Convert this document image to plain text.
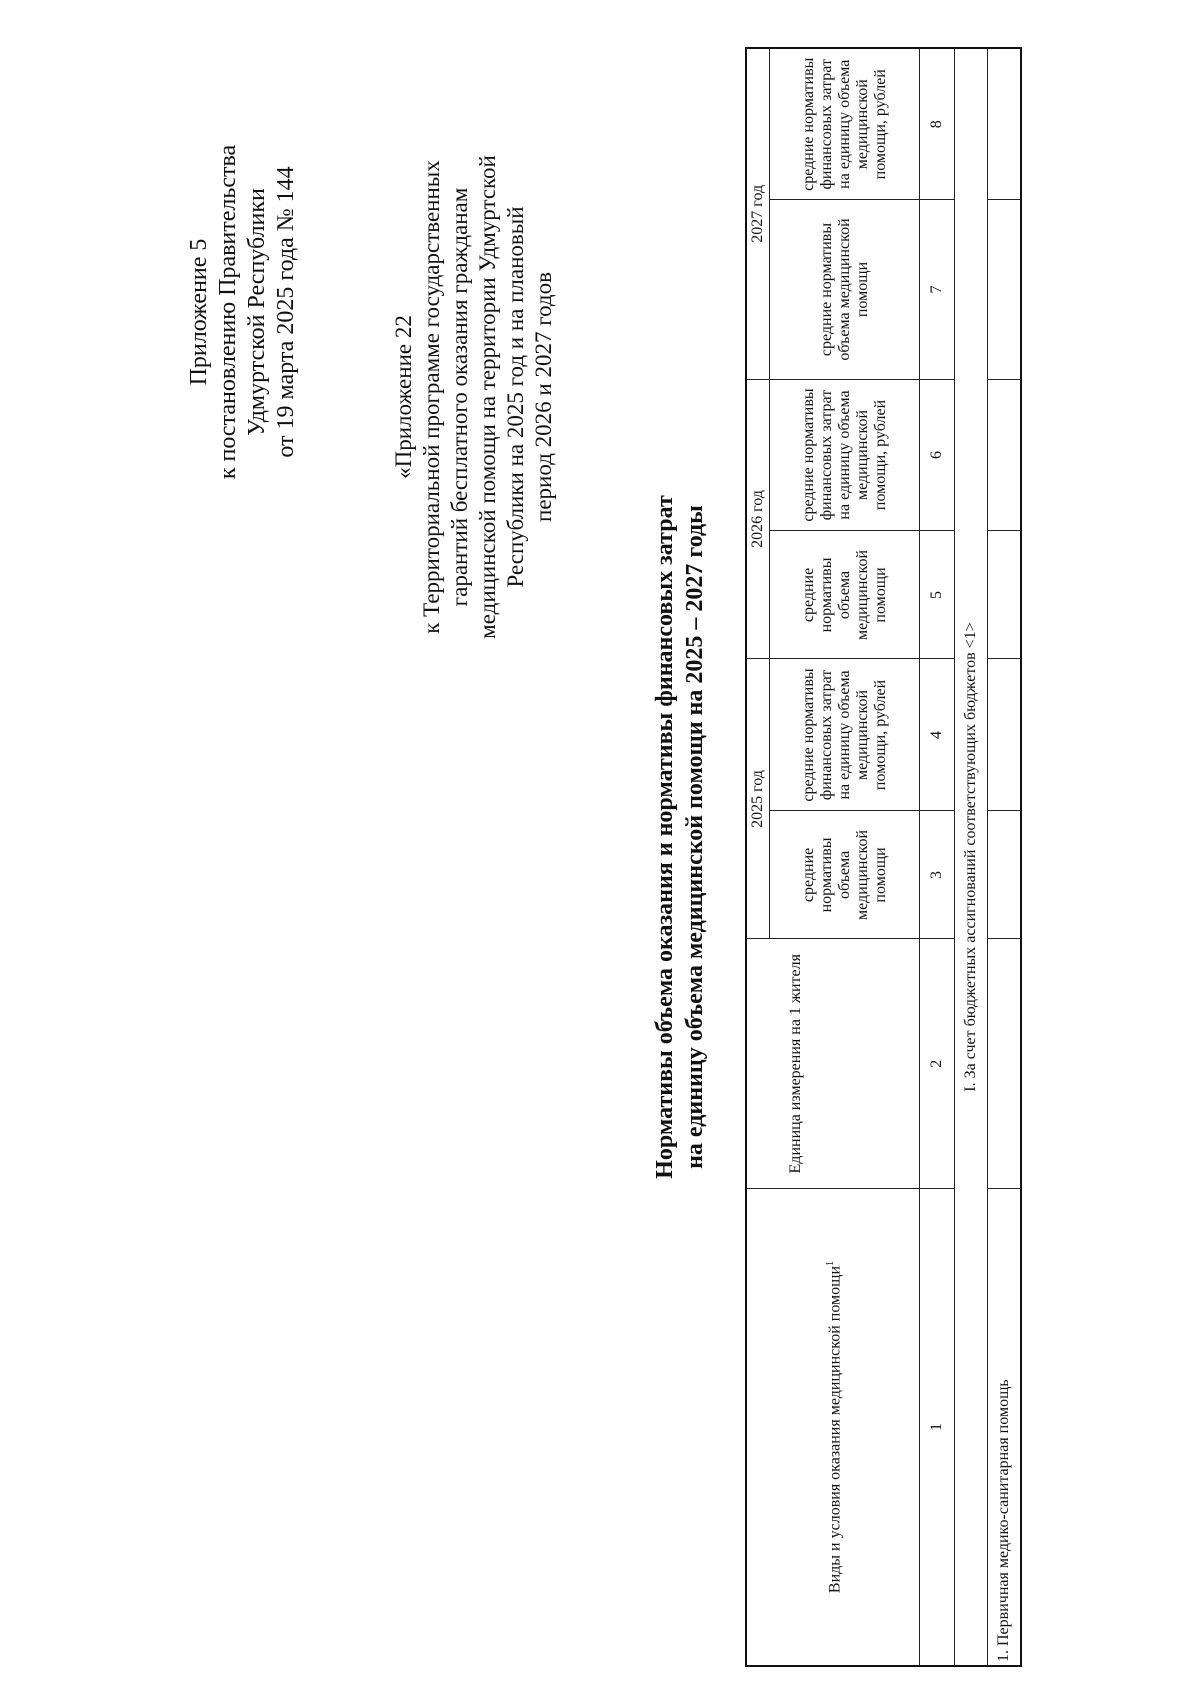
Приложение 5 к постановлению Правительства Удмуртской Республики от 19 марта 2025 года № 144	«Приложение 22 к Территориальной программе государственных гарантий бесплатного оказания гражданам медицинской помощи на территории Удмуртской Республики на 2025 год и на плановый период 2026 и 2027 годов
Нормативы объема оказания и нормативы финансовых затрат на единицу объема медицинской помощи на 2025 – 2027 годы
Виды и условия оказания медицинской помощи$^1$	Единица измерения на 1 жителя	2025 год		2026 год		2027 год	
		средние нормативы объема медицинской помощи	средние нормативы финансовых затрат на единицу объема медицинской помощи, рублей	средние нормативы объема медицинской помощи	средние нормативы финансовых затрат на единицу объема медицинской помощи, рублей	средние нормативы объема медицинской помощи	средние нормативы финансовых затрат на единицу объема медицинской помощи, рублей
1	2	3	4	5	6	7	8
I. За счет бюджетных ассигнований соответствующих бюджетов <1>							
1. Первичная медико-санитарная помощь							
